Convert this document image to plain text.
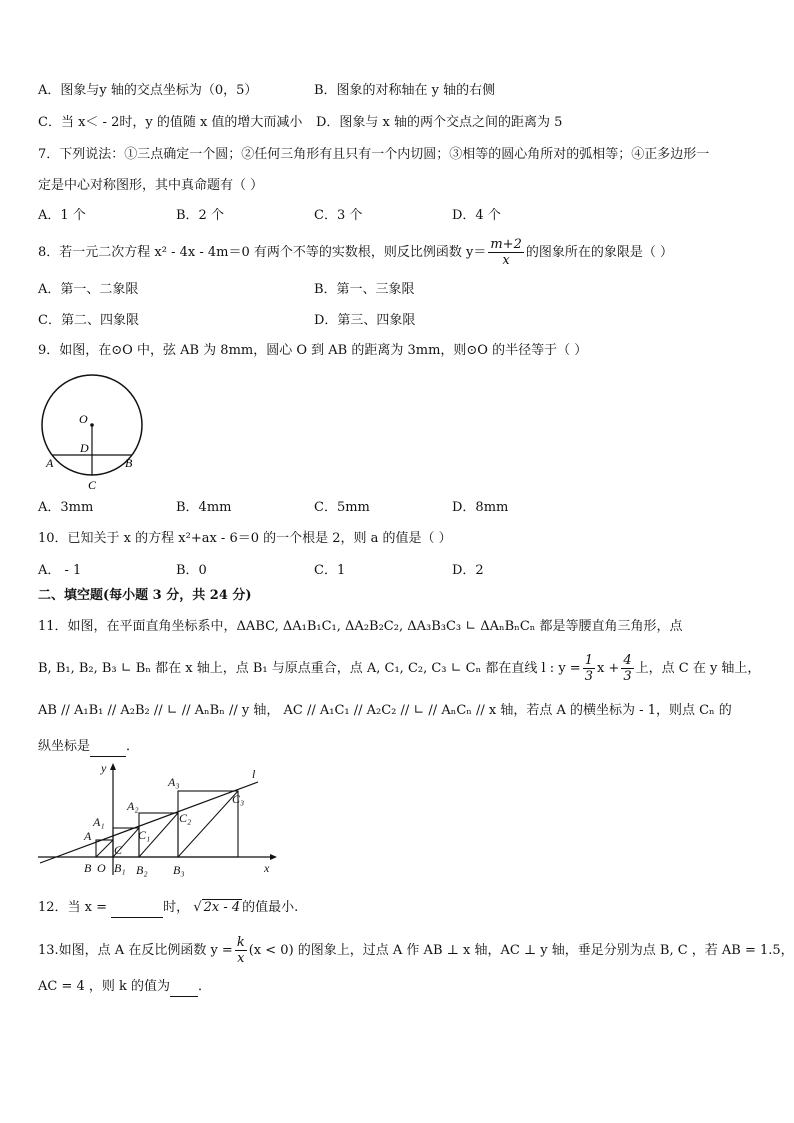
A．图象与y 轴的交点坐标为（0，5）	B．图象的对称轴在 y 轴的右侧
C．当 x＜ - 2时，y 的值随 x 值的增大而减小 D．图象与 x 轴的两个交点之间的距离为 5
7．下列说法：①三点确定一个圆；②任何三角形有且只有一个内切圆；③相等的圆心角所对的弧相等；④正多边形一
定是中心对称图形，其中真命题有（ ）
A．1 个	B．2 个	C．3 个	D．4 个
8．若一元二次方程 x² - 4x - 4m＝0 有两个不等的实数根，则反比例函数 $y= \frac{m+2}{x}$ 的图象所在的象限是（ ）
A．第一、二象限	B．第一、三象限
C．第二、四象限	D．第三、四象限
9．如图，在⊙O 中，弦 AB 为 8mm，圆心 O 到 AB 的距离为 3mm，则⊙O 的半径等于（ ）
O
D
A	B
C
A．3mm	B．4mm	C．5mm	D．8mm
10．已知关于 x 的方程 x²+ax - 6＝0 的一个根是 2，则 a 的值是（ ）
A． - 1	B．0	C．1	D．2
二、填空题(每小题 3 分，共 24 分)
11．如图，在平面直角坐标系中，ΔABC, ΔA₁B₁C₁, ΔA₂B₂C₂, ΔA₃B₃C₃ ∟ ΔAₙBₙCₙ 都是等腰直角三角形，点
B, B₁, B₂, B₃ ∟ Bₙ 都在 x 轴上，点 B₁ 与原点重合，点 A, C₁, C₂, C₃ ∟ Cₙ 都在直线 l : $y = \frac{1}{3}$ $x + \frac{4}{3}$ 上，点 C 在 y 轴上，
AB // A₁B₁ // A₂B₂ // ∟ // AₙBₙ // y 轴， AC // A₁C₁ // A₂C₂ // ∟ // AₙCₙ // x 轴，若点 A 的横坐标为 - 1，则点 Cₙ 的
纵坐标是	．
y
x
l
A
A₁
A₂
A₃
C
C₁
C₂
C₃
B O B₁ B₂ B₃
12．当 x =	时， √ 2x - 4 的值最小.
13.如图，点 A 在反比例函数 $y = \frac{k}{x} (x < 0)$ 的图象上，过点 A 作 AB ⊥ x 轴，AC ⊥ y 轴，垂足分别为点 B, C ，若 AB = 1.5，
AC = 4 ，则 k 的值为 ．
